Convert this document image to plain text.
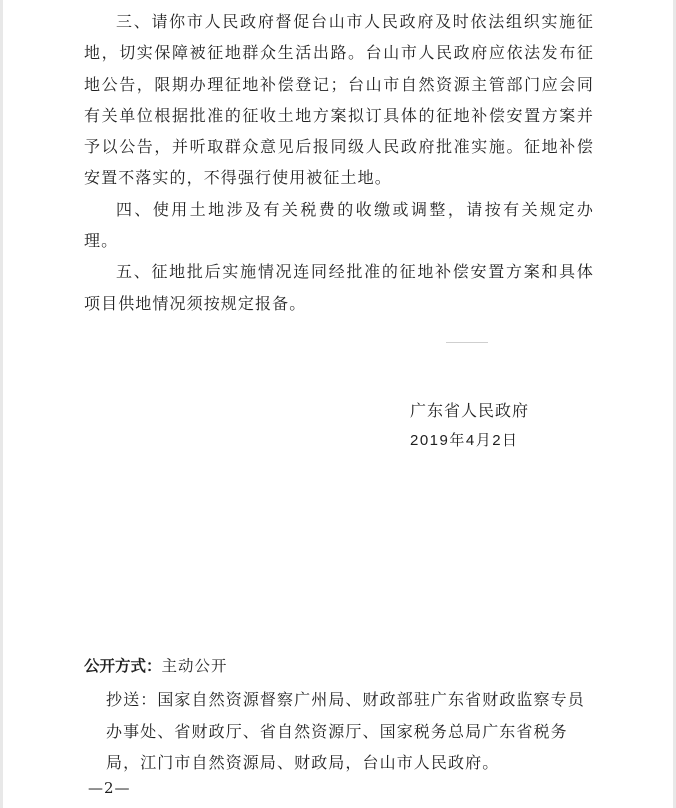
三、请你市人民政府督促台山市人民政府及时依法组织实施征地，切实保障被征地群众生活出路。台山市人民政府应依法发布征地公告，限期办理征地补偿登记；台山市自然资源主管部门应会同有关单位根据批准的征收土地方案拟订具体的征地补偿安置方案并予以公告，并听取群众意见后报同级人民政府批准实施。征地补偿安置不落实的，不得强行使用被征土地。

四、使用土地涉及有关税费的收缴或调整，请按有关规定办理。

五、征地批后实施情况连同经批准的征地补偿安置方案和具体项目供地情况须按规定报备。

广东省人民政府
2019年4月2日
公开方式：主动公开
抄送：国家自然资源督察广州局、财政部驻广东省财政监察专员办事处、省财政厅、省自然资源厅、国家税务总局广东省税务局，江门市自然资源局、财政局，台山市人民政府。
—2—
